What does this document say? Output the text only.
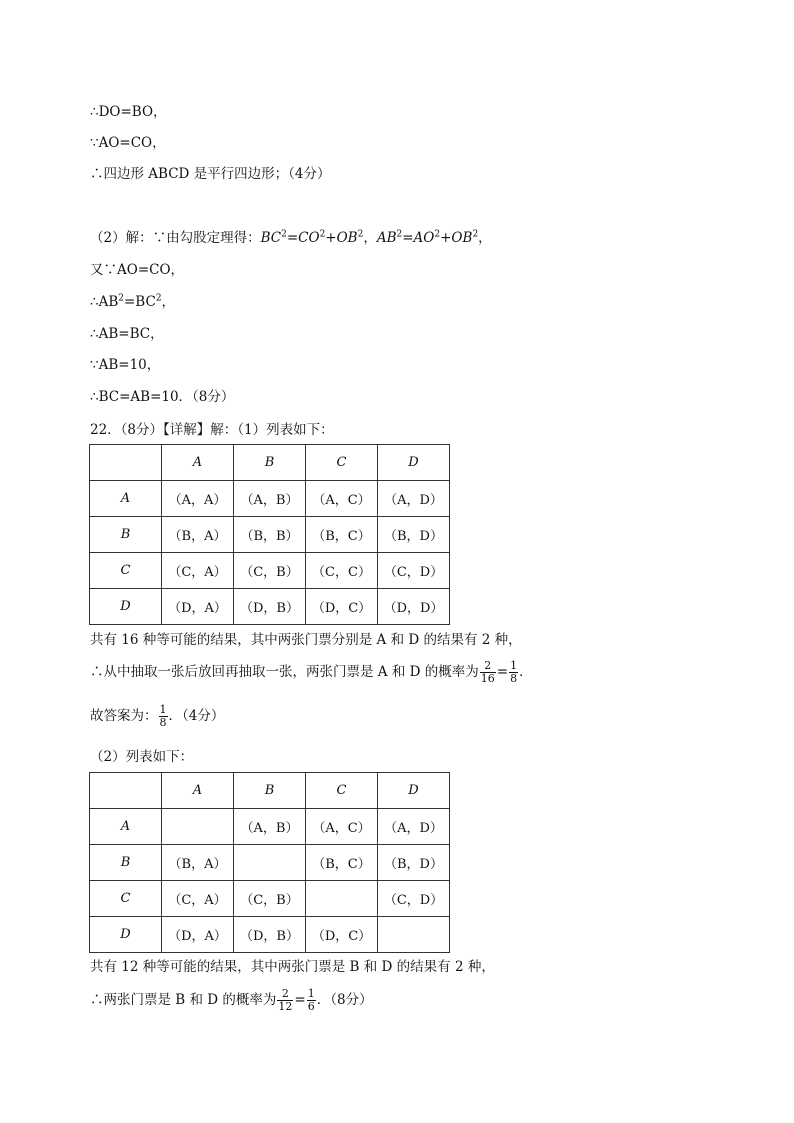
∴DO=BO，
∵AO=CO，
∴四边形 ABCD 是平行四边形；（4分）
（2）解：∵由勾股定理得：$BC^2=CO^2+OB^2$，$AB^2=AO^2+OB^2$，
又∵AO=CO，
$\therefore AB^2=BC^2$，
∴AB=BC，
∵AB=10，
∴BC=AB=10．（8分）
22．（8分）【详解】解：（1）列表如下：
	A	B	C	D
A	（A，A）	（A，B）	（A，C）	（A，D）
B	（B，A）	（B，B）	（B，C）	（B，D）
C	（C，A）	（C，B）	（C，C）	（C，D）
D	（D，A）	（D，B）	（D，C）	（D，D）
共有 16 种等可能的结果，其中两张门票分别是 A 和 D 的结果有 2 种，
∴从中抽取一张后放回再抽取一张，两张门票是 A 和 D 的概率为 $\frac{2}{16} = \frac{1}{8}$ ．
故答案为： $\frac{1}{8}$ ．（4分）
（2）列表如下：
	A	B	C	D
A		（A，B）	（A，C）	（A，D）
B	（B，A）		（B，C）	（B，D）
C	（C，A）	（C，B）		（C，D）
D	（D，A）	（D，B）	（D，C）	
共有 12 种等可能的结果，其中两张门票是 B 和 D 的结果有 2 种，
∴两张门票是 B 和 D 的概率为 $\frac{2}{12} = \frac{1}{6}$ ．（8分）
